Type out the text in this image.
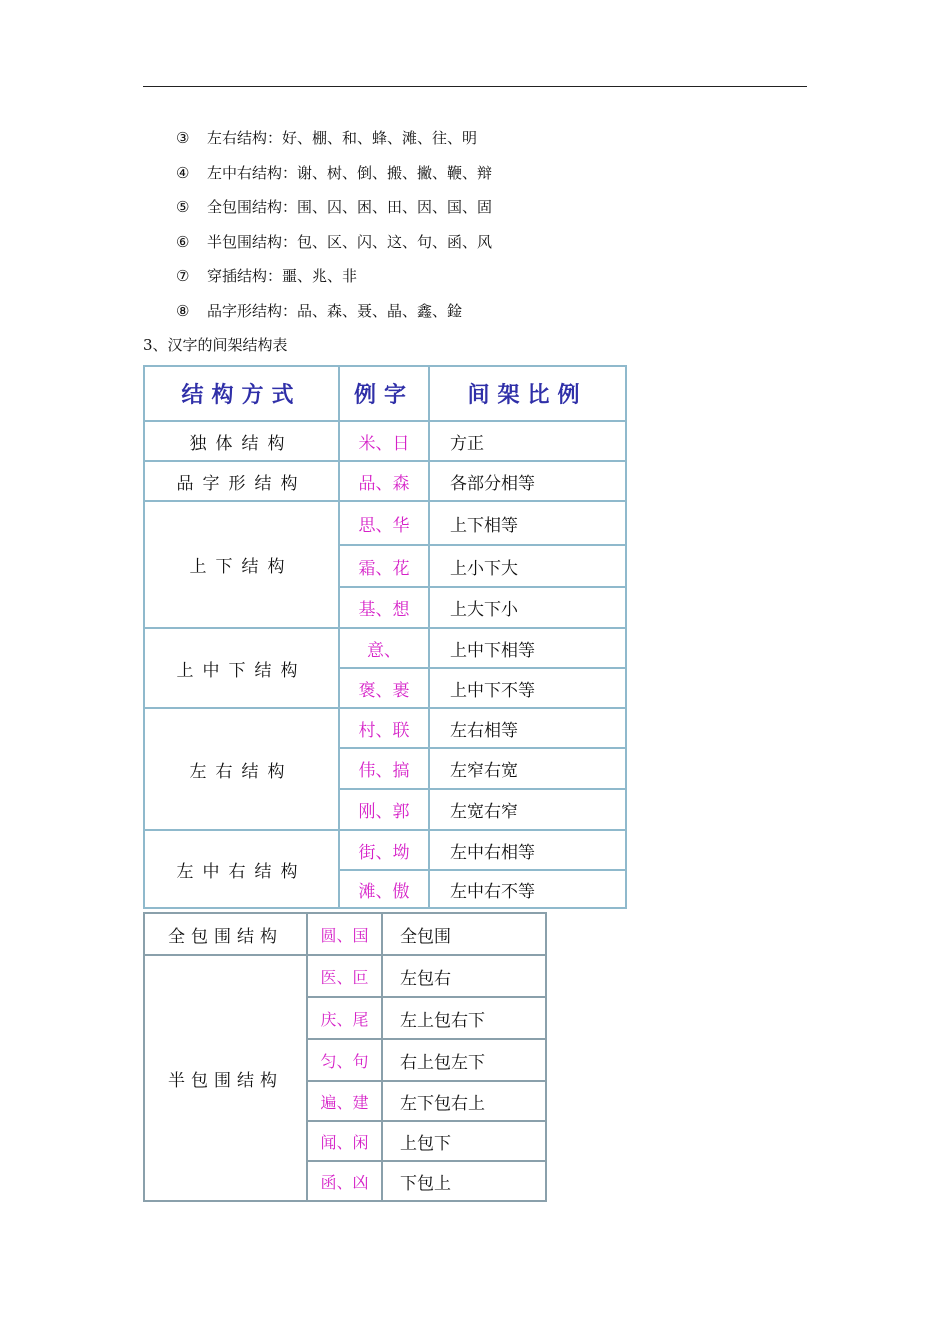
③	左右结构：好、棚、和、蜂、滩、往、明
④	左中右结构：谢、树、倒、搬、撇、鞭、辩
⑤	全包围结构：围、囚、困、田、因、国、固
⑥	半包围结构：包、区、闪、这、句、函、风
⑦	穿插结构：噩、兆、非
⑧	品字形结构：品、森、聂、晶、鑫、鍂
3、汉字的间架结构表
结构方式	例字	间架比例
独体结构	米、日	方正
品字形结构	品、森	各部分相等
上下结构
思、华	上下相等
霜、花	上小下大
基、想	上大下小
上中下结构
意、	上中下相等
褒、裹	上中下不等
左右结构
村、联	左右相等
伟、搞	左窄右宽
刚、郭	左宽右窄
左中右结构
街、坳	左中右相等
滩、傲	左中右不等
全包围结构	圆、国	全包围
半包围结构
医、叵	左包右
庆、尾	左上包右下
匀、句	右上包左下
遍、建	左下包右上
闻、闲	上包下
函、凶	下包上
